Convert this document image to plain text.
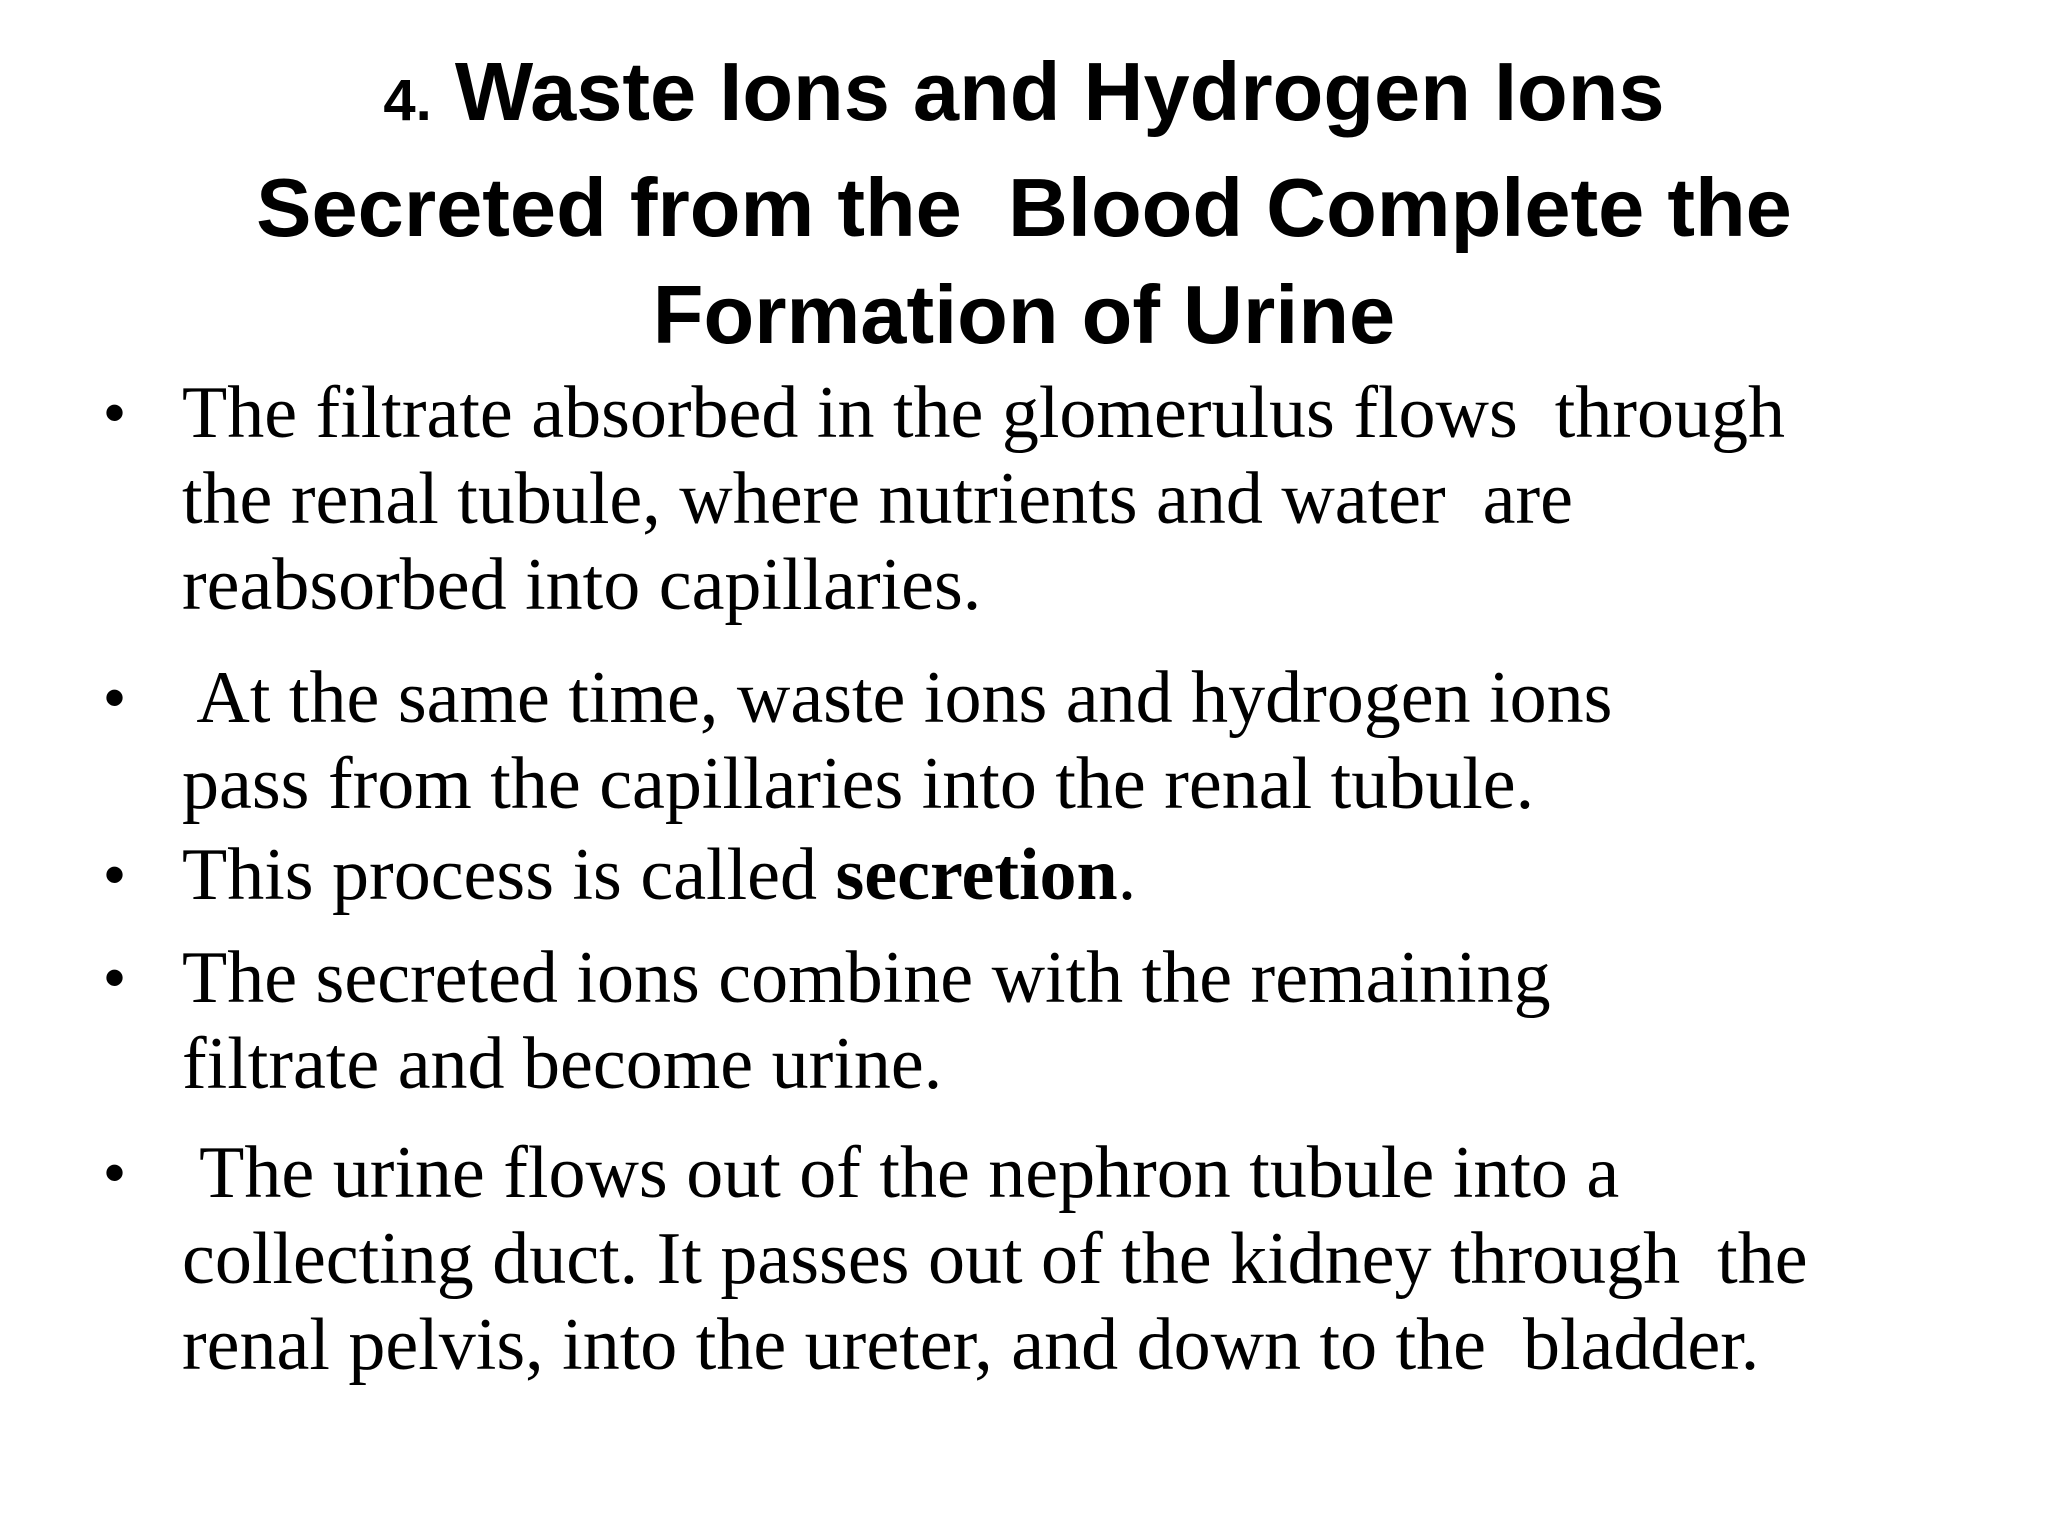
4. Waste Ions and Hydrogen Ions
Secreted from the  Blood Complete the
Formation of Urine
• The filtrate absorbed in the glomerulus flows  through
the renal tubule, where nutrients and water  are
reabsorbed into capillaries.
• At the same time, waste ions and hydrogen ions
pass from the capillaries into the renal tubule.
• This process is called secretion.
• The secreted ions combine with the remaining
filtrate and become urine.
• The urine flows out of the nephron tubule into a
collecting duct. It passes out of the kidney through  the
renal pelvis, into the ureter, and down to the  bladder.
